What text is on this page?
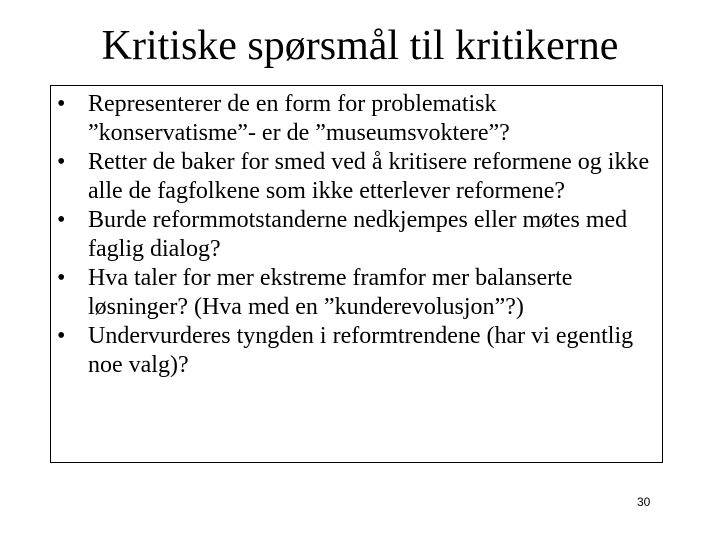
Kritiske spørsmål til kritikerne
• Representerer de en form for problematisk ”konservatisme”- er de ”museumsvoktere”?
• Retter de baker for smed ved å kritisere reformene og ikke alle de fagfolkene som ikke etterlever reformene?
• Burde reformmotstanderne nedkjempes eller møtes med faglig dialog?
• Hva taler for mer ekstreme framfor mer balanserte løsninger? (Hva med en ”kunderevolusjon”?)
• Undervurderes tyngden i reformtrendene (har vi egentlig noe valg)?
30
